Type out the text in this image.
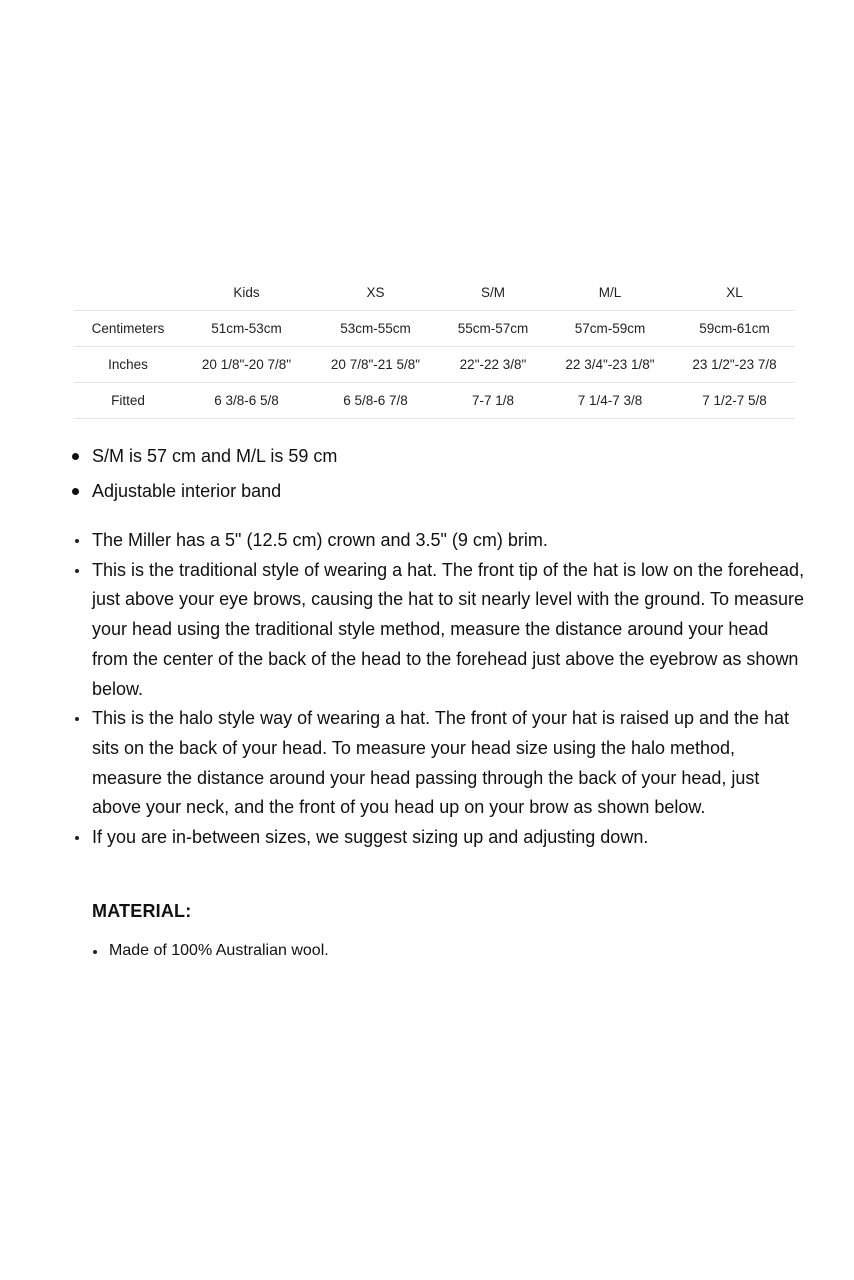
	Kids	XS	S/M	M/L	XL
Centimeters	51cm-53cm	53cm-55cm	55cm-57cm	57cm-59cm	59cm-61cm
Inches	20 1/8"-20 7/8"	20 7/8"-21 5/8"	22"-22 3/8"	22 3/4"-23 1/8"	23 1/2"-23 7/8
Fitted	6 3/8-6 5/8	6 5/8-6 7/8	7-7 1/8	7 1/4-7 3/8	7 1/2-7 5/8
S/M is 57 cm and M/L is 59 cm
Adjustable interior band
The Miller has a 5" (12.5 cm) crown and 3.5" (9 cm) brim.
This is the traditional style of wearing a hat. The front tip of the hat is low on the forehead, just above your eye brows, causing the hat to sit nearly level with the ground. To measure your head using the traditional style method, measure the distance around your head from the center of the back of the head to the forehead just above the eyebrow as shown below.
This is the halo style way of wearing a hat. The front of your hat is raised up and the hat sits on the back of your head. To measure your head size using the halo method, measure the distance around your head passing through the back of your head, just above your neck, and the front of you head up on your brow as shown below.
If you are in-between sizes, we suggest sizing up and adjusting down.
MATERIAL:
Made of 100% Australian wool.
